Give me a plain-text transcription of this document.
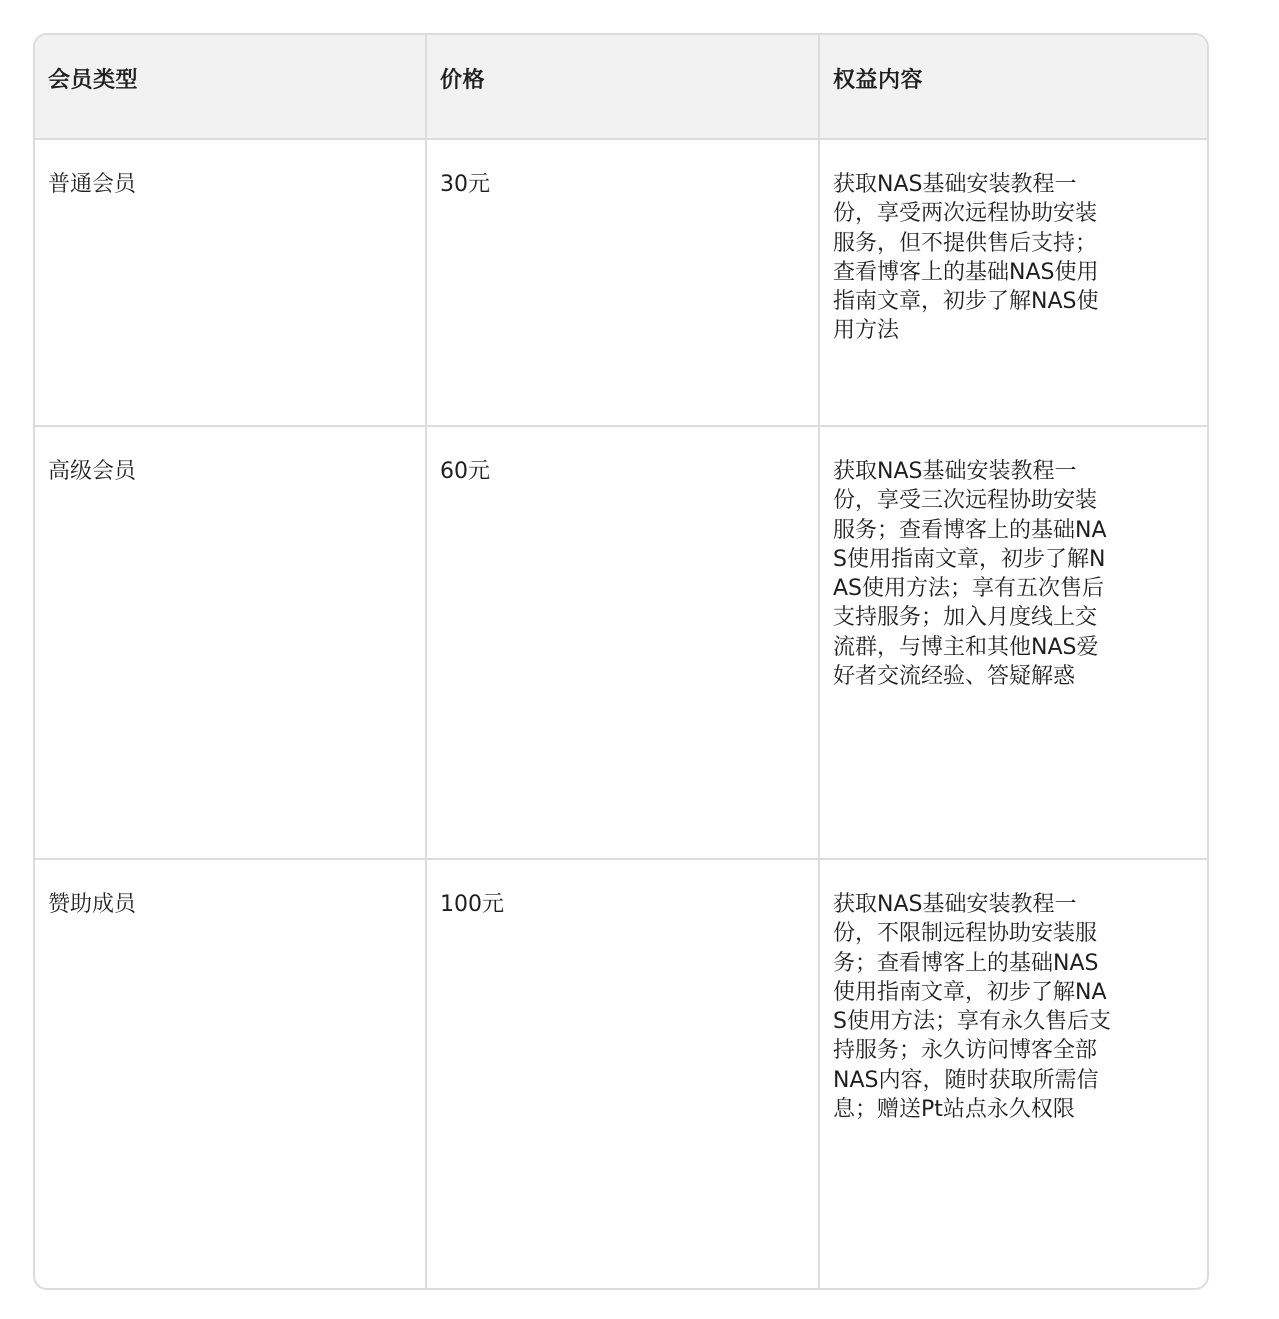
会员类型	价格	权益内容
普通会员	30元	获取NAS基础安装教程一份，享受两次远程协助安装服务，但不提供售后支持；查看博客上的基础NAS使用指南文章，初步了解NAS使用方法
高级会员	60元	获取NAS基础安装教程一份，享受三次远程协助安装服务；查看博客上的基础NAS使用指南文章，初步了解NAS使用方法；享有五次售后支持服务；加入月度线上交流群，与博主和其他NAS爱好者交流经验、答疑解惑
赞助成员	100元	获取NAS基础安装教程一份，不限制远程协助安装服务；查看博客上的基础NAS使用指南文章，初步了解NAS使用方法；享有永久售后支持服务；永久访问博客全部NAS内容，随时获取所需信息；赠送Pt站点永久权限
